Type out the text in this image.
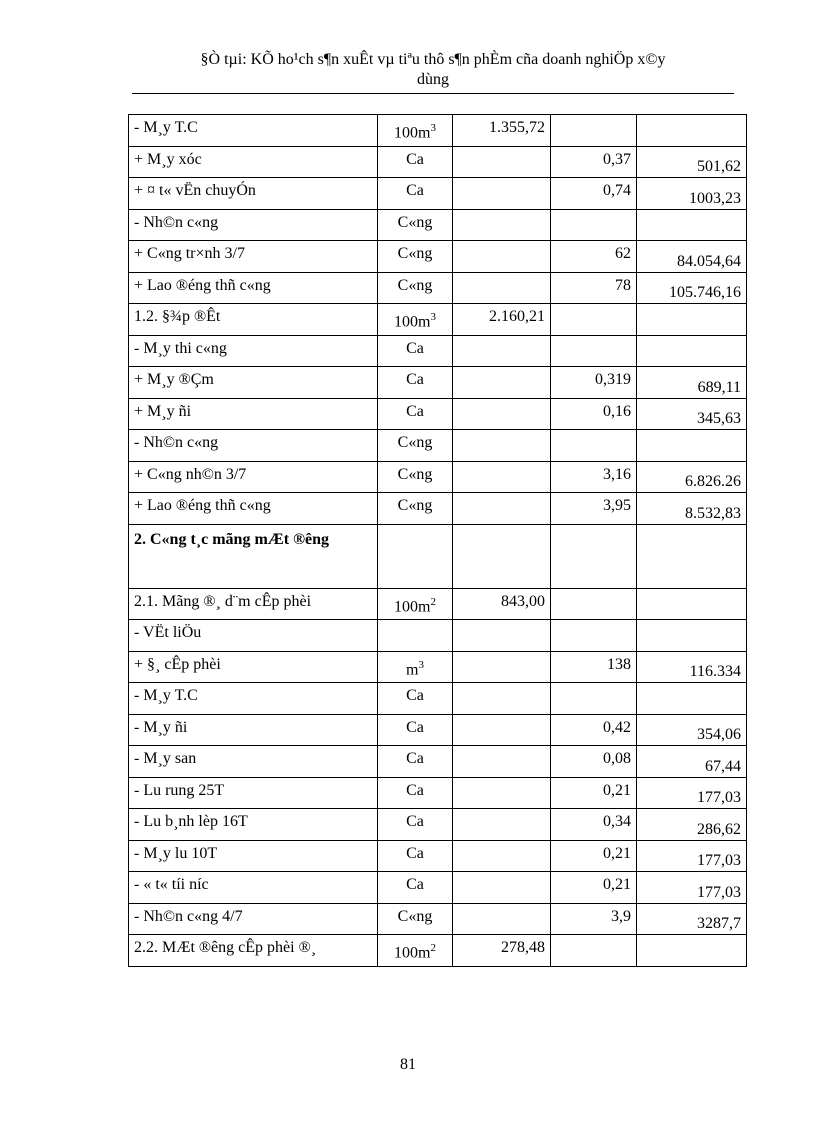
§Ò tµi: KÕ ho¹ch s¶n xuÊt vµ tiªu thô s¶n phÈm cña doanh nghiÖp x©y
dùng
- M¸y T.C	$100m^3$	1.355,72		
+ M¸y xóc	Ca		0,37	501,62
+ ¤ t« vËn chuyÓn	Ca		0,74	1003,23
- Nh©n c«ng	C«ng			
+ C«ng tr×nh 3/7	C«ng		62	84.054,64
+ Lao ®éng thñ c«ng	C«ng		78	105.746,16
1.2. §¾p ®Êt	$100m^3$	2.160,21		
- M¸y thi c«ng	Ca			
+ M¸y ®Çm	Ca		0,319	689,11
+ M¸y ñi	Ca		0,16	345,63
- Nh©n c«ng	C«ng			
+ C«ng nh©n 3/7	C«ng		3,16	6.826.26
+ Lao ®éng thñ c«ng	C«ng		3,95	8.532,83
2. C«ng t¸c mãng mÆt ®êng				
2.1. Mãng ®¸ d¨m cÊp phèi	$100m^2$	843,00		
- VËt liÖu				
+ §¸ cÊp phèi	$m^3$		138	116.334
- M¸y T.C	Ca			
- M¸y ñi	Ca		0,42	354,06
- M¸y san	Ca		0,08	67,44
- Lu rung 25T	Ca		0,21	177,03
- Lu b¸nh lèp 16T	Ca		0,34	286,62
- M¸y lu 10T	Ca		0,21	177,03
- « t« tíi níc	Ca		0,21	177,03
- Nh©n c«ng 4/7	C«ng		3,9	3287,7
2.2. MÆt ®êng cÊp phèi ®¸	$100m^2$	278,48		
81
